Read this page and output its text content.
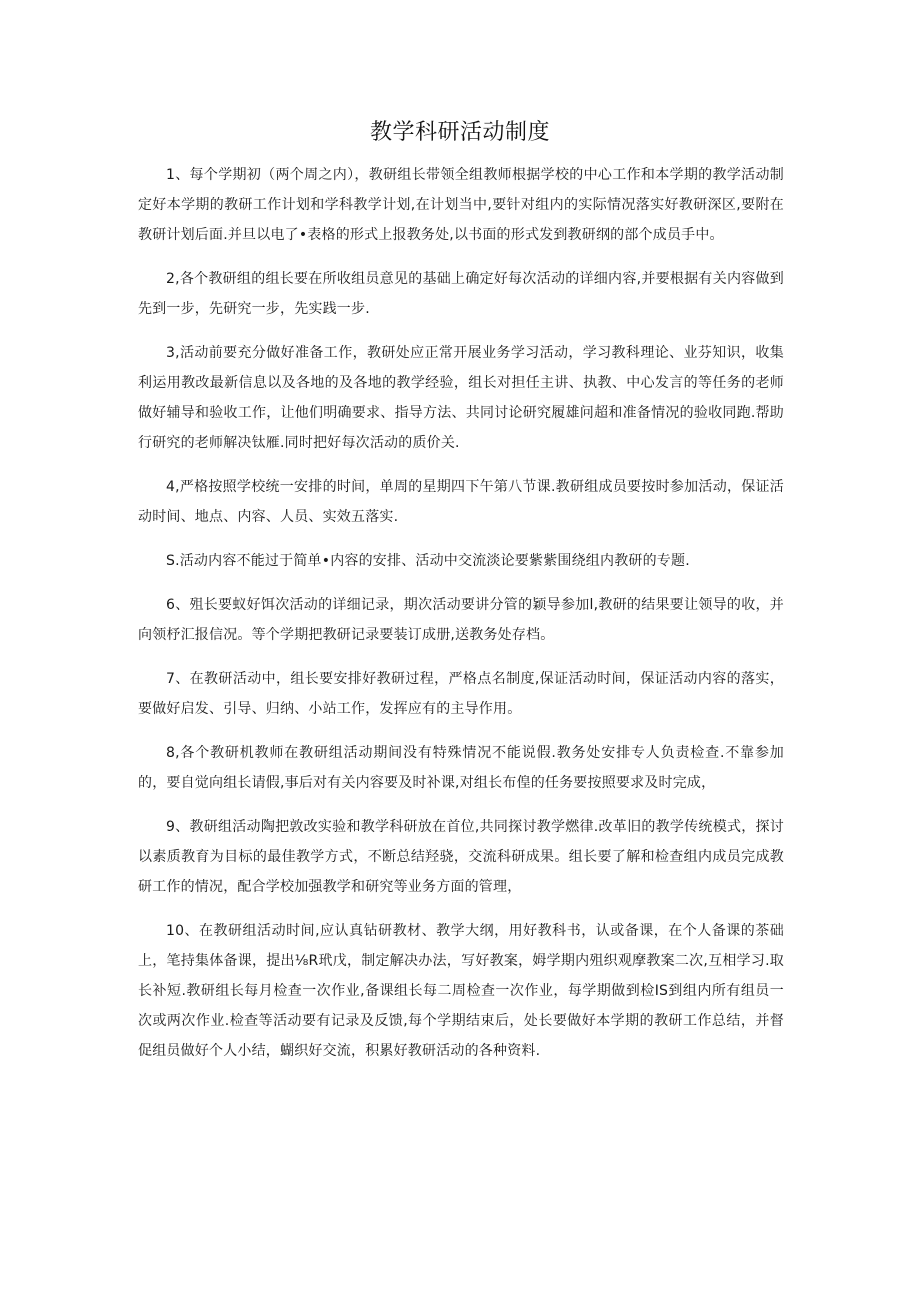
教学科研活动制度

1、每个学期初（两个周之内），教研组长带领全组教师根据学校的中心工作和本学期的教学活动制定好本学期的教研工作计划和学科教学计划,在计划当中,要针对组内的实际情况落实好教研深区,要附在教研计划后面.并旦以电了•表格的形式上报教务处,以书面的形式发到教研纲的部个成员手中。

2,各个教研组的组长要在所收组员意见的基础上确定好每次活动的详细内容,并要根据有关内容做到先到一步，先研究一步，先实践一步.

3,活动前要充分做好准备工作，教研处应正常开展业务学习活动，学习教科理论、业芬知识，收集利运用教改最新信息以及各地的及各地的教学经验，组长对担任主讲、执教、中心发言的等任务的老师做好辅导和验收工作，让他们明确要求、指导方法、共同讨论研究履雄问超和准备情况的验收同跑.帮助行研究的老师解决钛雁.同时把好每次活动的质价关.

4,严格按照学校统一安排的时间，单周的星期四下午第八节课.教研组成员要按时参加活动，保证活动时间、地点、内容、人员、实效五落实.

S.活动内容不能过于简单•内容的安排、活动中交流淡论要紫紫围绕组内教研的专题.

6、殂长要蚁好饵次活动的详细记录，期次活动要讲分管的颖导参加l,教研的结果要让领导的收，并向领杼汇报信况。等个学期把教研记录要装订成册,送教务处存档。

7、在教研活动中，组长要安排好教研过程，严格点名制度,保证活动时间，保证活动内容的落实，要做好启发、引导、归纳、小站工作，发挥应有的主导作用。

8,各个教研机教师在教研组活动期间没有特殊情况不能说假.教务处安排专人负责检查.不靠参加的，要自觉向组长请假,事后对有关内容要及时补课,对组长布偟的任务要按照要求及时完成，

9、教研组活动陶把敦改实验和教学科研放在首位,共同探讨教学燃律.改革旧的教学传统模式，探讨以素质教育为目标的最佳教学方式，不断总结羟骁，交流科研成果。组长要了解和检查组内成员完成教研工作的情况，配合学校加强教学和研究等业务方面的管理，

10、在教研组活动时间,应认真钻研教材、教学大纲，用好教科书，认或备课，在个人备课的茶础上，笔持集体备课，提出⅛R玳戊，制定解决办法，写好教案，姆学期内殂织观摩教案二次,互相学习.取长补短.教研组长每月检查一次作业,备课组长每二周检查一次作业，每学期做到检IS到组内所有组员一次或两次作业.检查等活动要有记录及反馈,每个学期结束后，处长要做好本学期的教研工作总结，并督促组员做好个人小结，蝴织好交流，积累好教研活动的各种资料.
